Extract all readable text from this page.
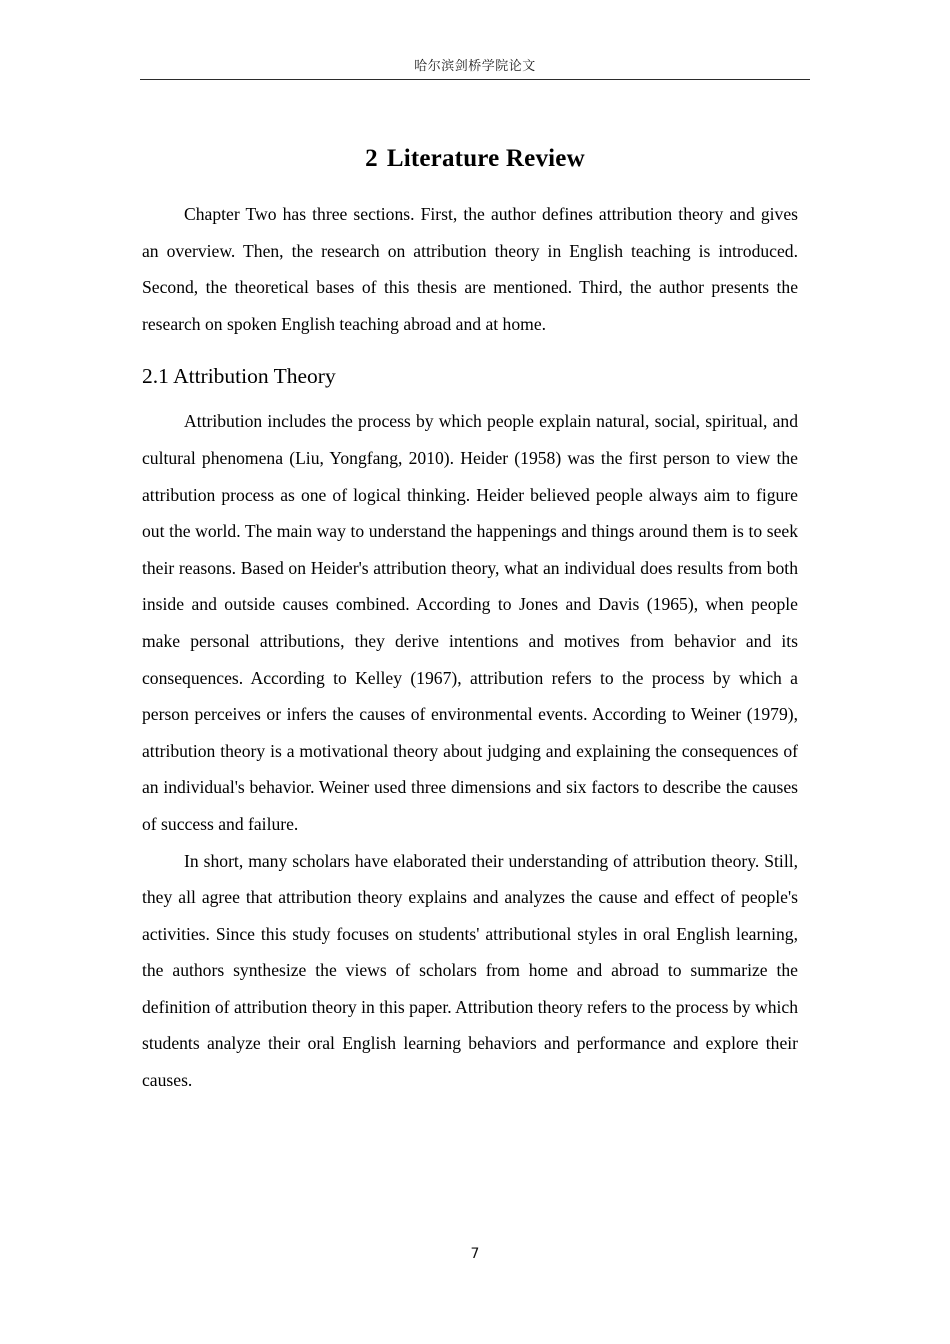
哈尔滨剑桥学院论文
2 Literature Review

Chapter Two has three sections. First, the author defines attribution theory and gives an overview. Then, the research on attribution theory in English teaching is introduced. Second, the theoretical bases of this thesis are mentioned. Third, the author presents the research on spoken English teaching abroad and at home.

2.1 Attribution Theory

Attribution includes the process by which people explain natural, social, spiritual, and cultural phenomena (Liu, Yongfang, 2010). Heider (1958) was the first person to view the attribution process as one of logical thinking. Heider believed people always aim to figure out the world. The main way to understand the happenings and things around them is to seek their reasons. Based on Heider's attribution theory, what an individual does results from both inside and outside causes combined. According to Jones and Davis (1965), when people make personal attributions, they derive intentions and motives from behavior and its consequences. According to Kelley (1967), attribution refers to the process by which a person perceives or infers the causes of environmental events. According to Weiner (1979), attribution theory is a motivational theory about judging and explaining the consequences of an individual's behavior. Weiner used three dimensions and six factors to describe the causes of success and failure.

In short, many scholars have elaborated their understanding of attribution theory. Still, they all agree that attribution theory explains and analyzes the cause and effect of people's activities. Since this study focuses on students' attributional styles in oral English learning, the authors synthesize the views of scholars from home and abroad to summarize the definition of attribution theory in this paper. Attribution theory refers to the process by which students analyze their oral English learning behaviors and performance and explore their causes.

7
